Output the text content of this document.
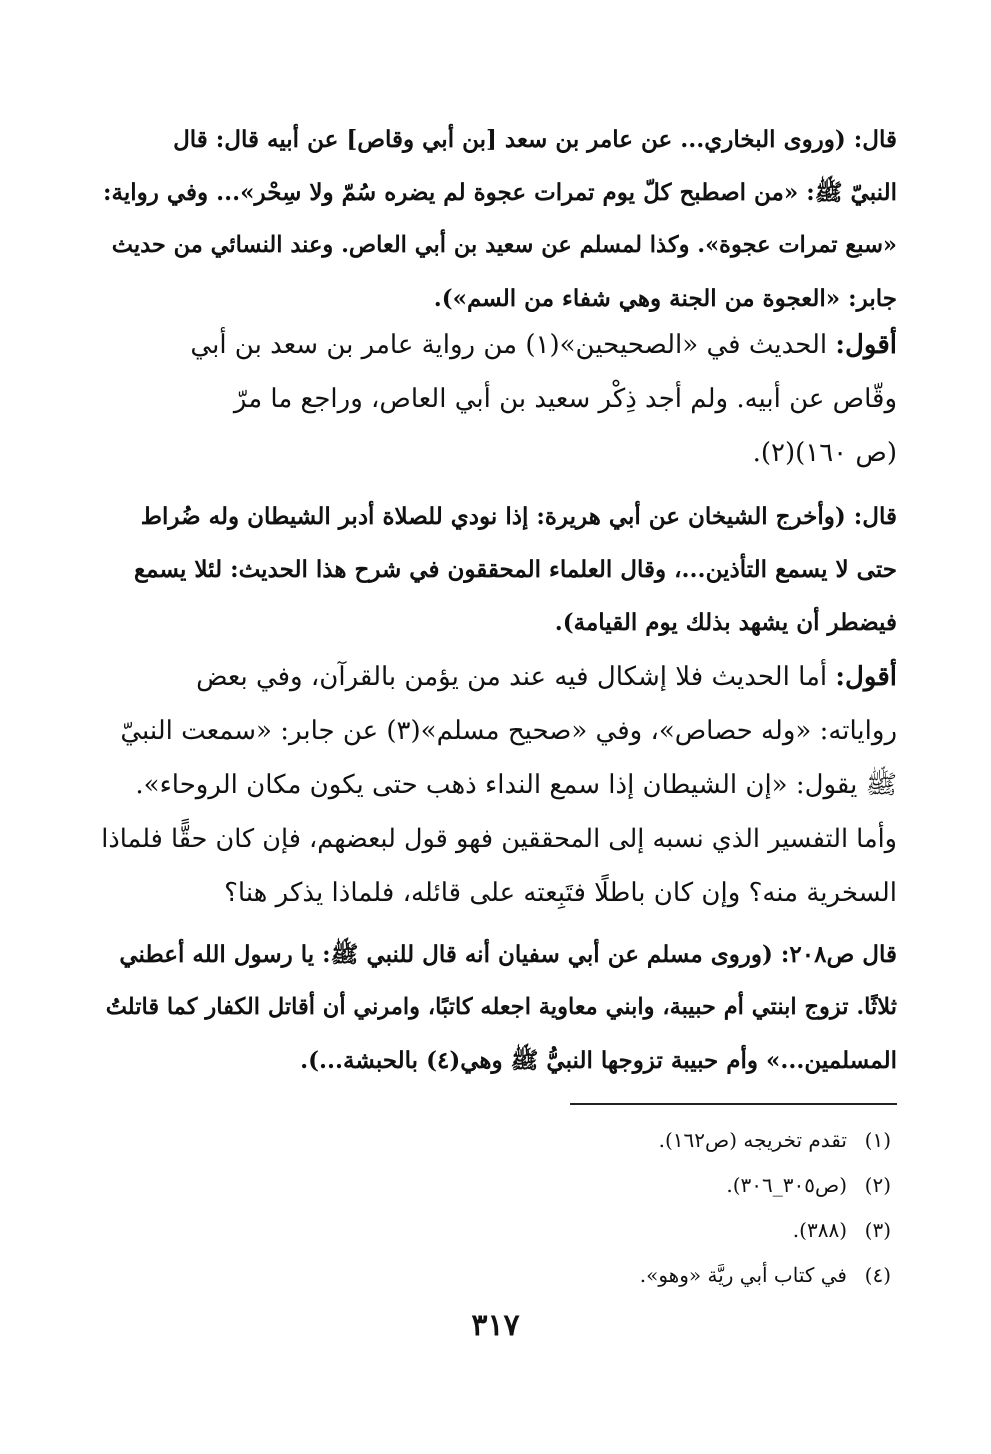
قال: (وروى البخاري... عن عامر بن سعد [بن أبي وقاص] عن أبيه قال: قال
النبيّ ﷺ: «من اصطبح كلّ يوم تمرات عجوة لم يضره سُمّ ولا سِحْر»... وفي رواية:
«سبع تمرات عجوة». وكذا لمسلم عن سعيد بن أبي العاص. وعند النسائي من حديث
جابر: «العجوة من الجنة وهي شفاء من السم»).
أقول: الحديث في «الصحيحين»(١) من رواية عامر بن سعد بن أبي
وقّاص عن أبيه. ولم أجد ذِكْر سعيد بن أبي العاص، وراجع ما مرّ
(ص ١٦٠)(٢).
قال: (وأخرج الشيخان عن أبي هريرة: إذا نودي للصلاة أدبر الشيطان وله ضُراط
حتى لا يسمع التأذين...، وقال العلماء المحققون في شرح هذا الحديث: لئلا يسمع
فيضطر أن يشهد بذلك يوم القيامة).
أقول: أما الحديث فلا إشكال فيه عند من يؤمن بالقرآن، وفي بعض
رواياته: «وله حصاص»، وفي «صحيح مسلم»(٣) عن جابر: «سمعت النبيّ
ﷺ يقول: «إن الشيطان إذا سمع النداء ذهب حتى يكون مكان الروحاء».
وأما التفسير الذي نسبه إلى المحققين فهو قول لبعضهم، فإن كان حقًّا فلماذا
السخرية منه؟ وإن كان باطلًا فتَبِعته على قائله، فلماذا يذكر هنا؟
قال ص٢٠٨: (وروى مسلم عن أبي سفيان أنه قال للنبي ﷺ: يا رسول الله أعطني
ثلاثًا. تزوج ابنتي أم حبيبة، وابني معاوية اجعله كاتبًا، وامرني أن أقاتل الكفار كما قاتلتُ
المسلمين...» وأم حبيبة تزوجها النبيُّ ﷺ وهي(٤) بالحبشة...).
(١)تقدم تخريجه (ص١٦٢).
(٢)(ص٣٠٥_٣٠٦).
(٣)(٣٨٨).
(٤)في كتاب أبي ريَّة «وهو».
٣١٧
